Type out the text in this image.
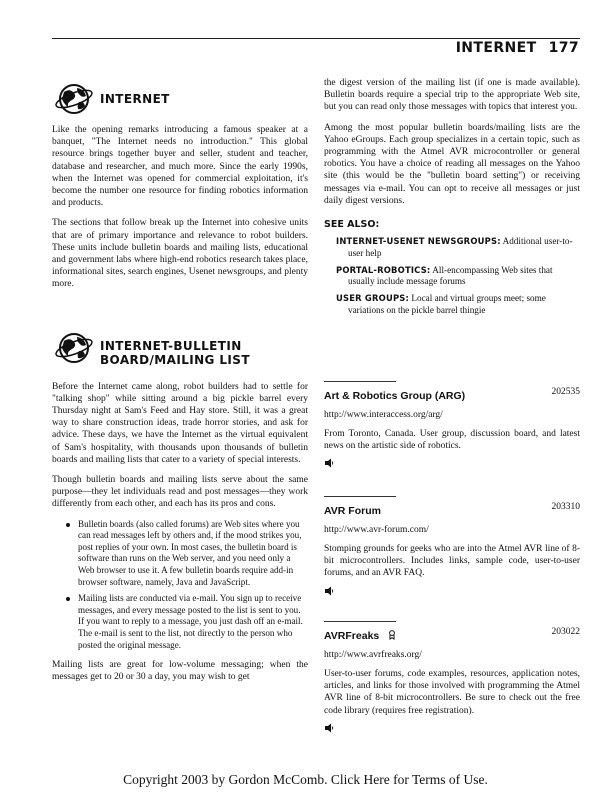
INTERNET 177
INTERNET

Like the opening remarks introducing a famous speaker at a banquet, "The Internet needs no introduction." This global resource brings together buyer and seller, student and teacher, database and researcher, and much more. Since the early 1990s, when the Internet was opened for commercial exploitation, it's become the number one resource for finding robotics information and products.

The sections that follow break up the Internet into cohesive units that are of primary importance and relevance to robot builders. These units include bulletin boards and mailing lists, educational and government labs where high-end robotics research takes place, informational sites, search engines, Usenet newsgroups, and plenty more.

INTERNET-BULLETIN
BOARD/MAILING LIST

Before the Internet came along, robot builders had to settle for "talking shop" while sitting around a big pickle barrel every Thursday night at Sam's Feed and Hay store. Still, it was a great way to share construction ideas, trade horror stories, and ask for advice. These days, we have the Internet as the virtual equivalent of Sam's hospitality, with thousands upon thousands of bulletin boards and mailing lists that cater to a variety of special interests.

Though bulletin boards and mailing lists serve about the same purpose—they let individuals read and post messages—they work differently from each other, and each has its pros and cons.

Bulletin boards (also called forums) are Web sites where you can read messages left by others and, if the mood strikes you, post replies of your own. In most cases, the bulletin board is software than runs on the Web server, and you need only a Web browser to use it. A few bulletin boards require add-in browser software, namely, Java and JavaScript.
Mailing lists are conducted via e-mail. You sign up to receive messages, and every message posted to the list is sent to you. If you want to reply to a message, you just dash off an e-mail. The e-mail is sent to the list, not directly to the person who posted the original message.

Mailing lists are great for low-volume messaging; when the messages get to 20 or 30 a day, you may wish to get

the digest version of the mailing list (if one is made available). Bulletin boards require a special trip to the appropriate Web site, but you can read only those messages with topics that interest you.

Among the most popular bulletin boards/mailing lists are the Yahoo eGroups. Each group specializes in a certain topic, such as programming with the Atmel AVR microcontroller or general robotics. You have a choice of reading all messages on the Yahoo site (this would be the "bulletin board setting") or receiving messages via e-mail. You can opt to receive all messages or just daily digest versions.

SEE ALSO:
INTERNET-USENET NEWSGROUPS: Additional user-to-user help
PORTAL-ROBOTICS: All-encompassing Web sites that usually include message forums
USER GROUPS: Local and virtual groups meet; some variations on the pickle barrel thingie
Art & Robotics Group (ARG)	202535
http://www.interaccess.org/arg/
From Toronto, Canada. User group, discussion board, and latest news on the artistic side of robotics.
AVR Forum	203310
http://www.avr-forum.com/
Stomping grounds for geeks who are into the Atmel AVR line of 8-bit microcontrollers. Includes links, sample code, user-to-user forums, and an AVR FAQ.
AVRFreaks	203022
http://www.avrfreaks.org/
User-to-user forums, code examples, resources, application notes, articles, and links for those involved with programming the Atmel AVR line of 8-bit microcontrollers. Be sure to check out the free code library (requires free registration).
Copyright 2003 by Gordon McComb. Click Here for Terms of Use.
